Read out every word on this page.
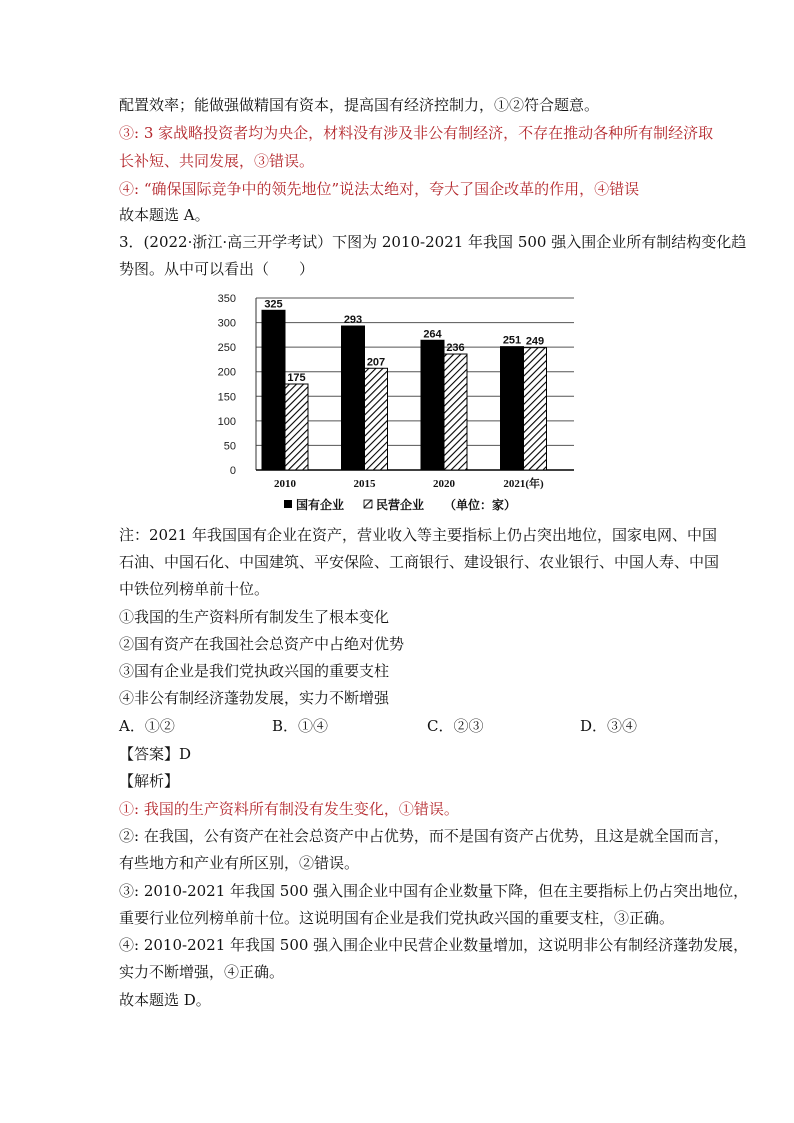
配置效率；能做强做精国有资本，提高国有经济控制力，①②符合题意。
③: 3 家战略投资者均为央企，材料没有涉及非公有制经济，不存在推动各种所有制经济取
长补短、共同发展，③错误。
④: “确保国际竞争中的领先地位”说法太绝对，夸大了国企改革的作用，④错误
故本题选 A。
3．(2022·浙江·高三开学考试）下图为 2010-2021 年我国 500 强入围企业所有制结构变化趋
势图。从中可以看出（　　）
0
50
100
150
200
250
300
350	325
175
2010
293
207
2015
264
236
2020
251 249
2021(年)
国有企业	民营企业 （单位：家）
注：2021 年我国国有企业在资产，营业收入等主要指标上仍占突出地位，国家电网、中国
石油、中国石化、中国建筑、平安保险、工商银行、建设银行、农业银行、中国人寿、中国
中铁位列榜单前十位。
①我国的生产资料所有制发生了根本变化
②国有资产在我国社会总资产中占绝对优势
③国有企业是我们党执政兴国的重要支柱
④非公有制经济蓬勃发展，实力不断增强
A．①②	B．①④	C．②③	D．③④
【答案】D
【解析】
①: 我国的生产资料所有制没有发生变化，①错误。
②: 在我国，公有资产在社会总资产中占优势，而不是国有资产占优势，且这是就全国而言，
有些地方和产业有所区别，②错误。
③: 2010-2021 年我国 500 强入围企业中国有企业数量下降，但在主要指标上仍占突出地位，
重要行业位列榜单前十位。这说明国有企业是我们党执政兴国的重要支柱，③正确。
④: 2010-2021 年我国 500 强入围企业中民营企业数量增加，这说明非公有制经济蓬勃发展，
实力不断增强，④正确。
故本题选 D。
